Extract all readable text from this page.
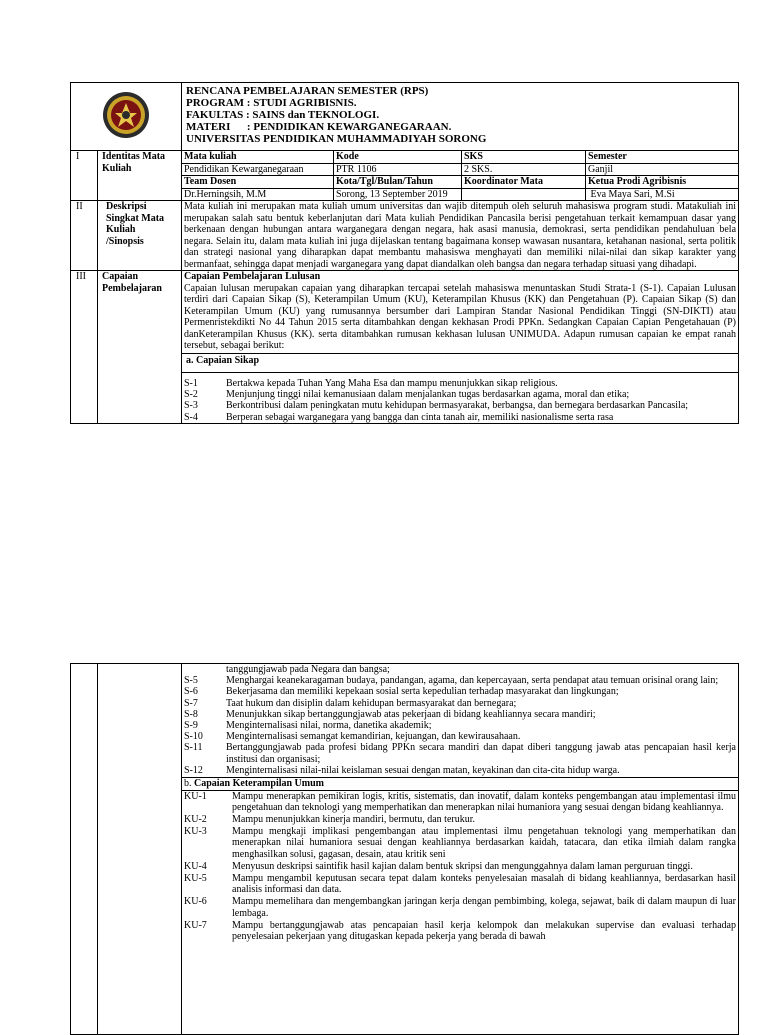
RENCANA PEMBELAJARAN SEMESTER (RPS)
PROGRAM : STUDI AGRIBISNIS.
FAKULTAS : SAINS dan TEKNOLOGI.
MATERI      : PENDIDIKAN KEWARGANEGARAAN.
UNIVERSITAS PENDIDIKAN MUHAMMADIYAH SORONG

I	Identitas Mata Kuliah	Mata kuliah	Kode	SKS	Semester
Pendidikan Kewarganegaraan	PTR 1106	2 SKS.	Ganjil
Team Dosen	Kota/Tgl/Bulan/Tahun	Koordinator Mata	Ketua Prodi Agribisnis
Dr.Herningsih, M.M	Sorong, 13 September 2019		Eva Maya Sari, M.Si
II	Deskripsi Singkat Mata Kuliah /Sinopsis	Mata kuliah ini merupakan mata kuliah umum universitas dan wajib ditempuh oleh seluruh mahasiswa program studi. Matakuliah ini merupakan salah satu bentuk keberlanjutan dari Mata kuliah Pendidikan Pancasila berisi pengetahuan terkait kemampuan dasar yang berkenaan dengan hubungan antara warganegara dengan negara, hak asasi manusia, demokrasi, serta pendidikan pendahuluan bela negara. Selain itu, dalam mata kuliah ini juga dijelaskan tentang bagaimana konsep wawasan nusantara, ketahanan nasional, serta politik dan strategi nasional yang diharapkan dapat membantu mahasiswa menghayati dan memiliki nilai-nilai dan sikap karakter yang bermanfaat, sehingga dapat menjadi warganegara yang dapat diandalkan oleh bangsa dan negara terhadap situasi yang dihadapi.
III	Capaian Pembelajaran	
Capaian Pembelajaran Lulusan
Capaian lulusan merupakan capaian yang diharapkan tercapai setelah mahasiswa menuntaskan Studi Strata-1 (S-1). Capaian Lulusan terdiri dari Capaian Sikap (S), Keterampilan Umum (KU), Keterampilan Khusus (KK) dan Pengetahuan (P). Capaian Sikap (S) dan Keterampilan Umum (KU) yang rumusannya bersumber dari Lampiran Standar Nasional Pendidikan Tinggi (SN-DIKTI) atau Permenristekdikti No 44 Tahun 2015 serta ditambahkan dengan kekhasan Prodi PPKn. Sedangkan Capaian Capian Pengetahauan (P) danKeterampilan Khusus (KK). serta ditambahkan rumusan kekhasan lulusan UNIMUDA. Adapun rumusan capaian ke empat ranah tersebut, sebagai berikut:
a. Capaian Sikap
S-1	Bertakwa kepada Tuhan Yang Maha Esa dan mampu menunjukkan sikap religious.
S-2	Menjunjung tinggi nilai kemanusiaan dalam menjalankan tugas berdasarkan agama, moral dan etika;
S-3	Berkontribusi dalam peningkatan mutu kehidupan bermasyarakat, berbangsa, dan bernegara berdasarkan Pancasila;
S-4	Berperan sebagai warganegara yang bangga dan cinta tanah air, memiliki nasionalisme serta rasa

	tanggungjawab pada Negara dan bangsa;
S-5	Menghargai keanekaragaman budaya, pandangan, agama, dan kepercayaan, serta pendapat atau temuan orisinal orang lain;
S-6	Bekerjasama dan memiliki kepekaan sosial serta kepedulian terhadap masyarakat dan lingkungan;
S-7	Taat hukum dan disiplin dalam kehidupan bermasyarakat dan bernegara;
S-8	Menunjukkan sikap bertanggungjawab atas pekerjaan di bidang keahliannya secara mandiri;
S-9	Menginternalisasi nilai, norma, danetika akademik;
S-10	Menginternalisasi semangat kemandirian, kejuangan, dan kewirausahaan.
S-11	Bertanggungjawab pada profesi bidang PPKn secara mandiri dan dapat diberi tanggung jawab atas pencapaian hasil kerja institusi dan organisasi;
S-12	Menginternalisasi nilai-nilai keislaman sesuai dengan matan, keyakinan dan cita-cita hidup warga.
b. Capaian Keterampilan Umum
KU-1	Mampu menerapkan pemikiran logis, kritis, sistematis, dan inovatif, dalam konteks pengembangan atau implementasi ilmu pengetahuan dan teknologi yang memperhatikan dan menerapkan nilai humaniora yang sesuai dengan bidang keahliannya.
KU-2	Mampu menunjukkan kinerja mandiri, bermutu, dan terukur.
KU-3	Mampu mengkaji implikasi pengembangan atau implementasi ilmu pengetahuan teknologi yang memperhatikan dan menerapkan nilai humaniora sesuai dengan keahliannya berdasarkan kaidah, tatacara, dan etika ilmiah dalam rangka menghasilkan solusi, gagasan, desain, atau kritik seni
KU-4	Menyusun deskripsi saintifik hasil kajian dalam bentuk skripsi dan mengunggahnya dalam laman perguruan tinggi.
KU-5	Mampu mengambil keputusan secara tepat dalam konteks penyelesaian masalah di bidang keahliannya, berdasarkan hasil analisis informasi dan data.
KU-6	Mampu memelihara dan mengembangkan jaringan kerja dengan pembimbing, kolega, sejawat, baik di dalam maupun di luar lembaga.
KU-7	Mampu bertanggungjawab atas pencapaian hasil kerja kelompok dan melakukan supervise dan evaluasi terhadap penyelesaian pekerjaan yang ditugaskan kepada pekerja yang berada di bawah
